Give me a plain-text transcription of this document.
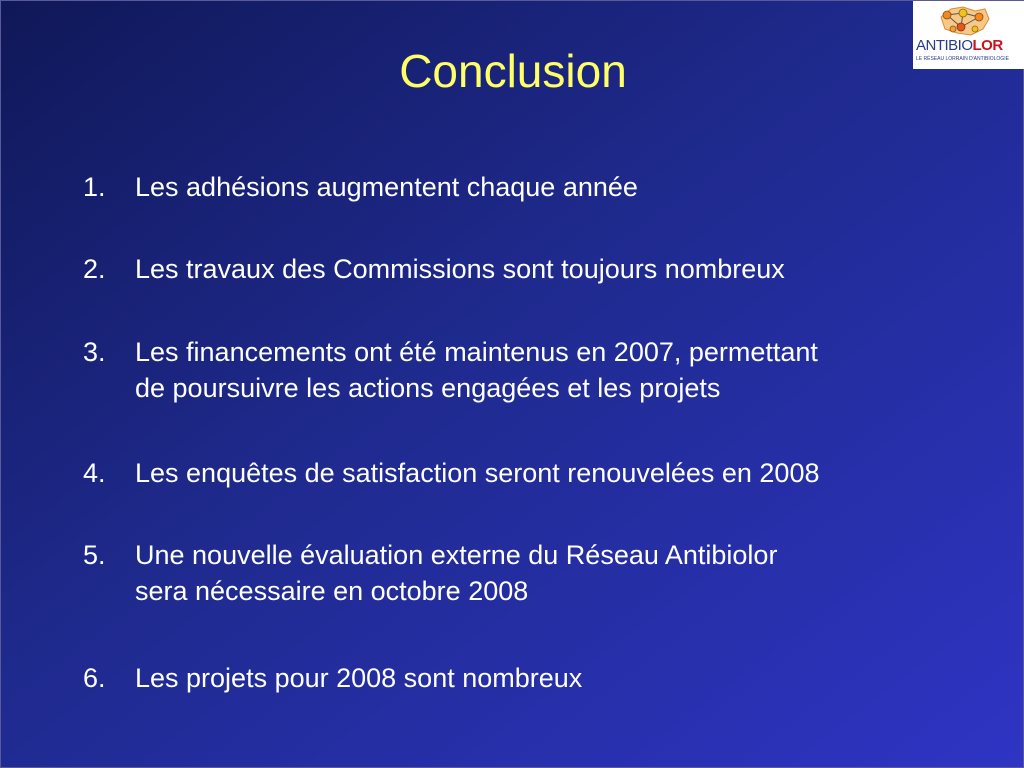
Conclusion	ANTIBIOLOR
LE RÉSEAU LORRAIN D'ANTIBIOLOGIE
1.	Les adhésions augmentent chaque année
2.	Les travaux des Commissions sont toujours nombreux
3.	Les financements ont été maintenus en 2007, permettant
de poursuivre les actions engagées et les projets
4.	Les enquêtes de satisfaction seront renouvelées en 2008
5.	Une nouvelle évaluation externe du Réseau Antibiolor
sera nécessaire en octobre 2008
6.	Les projets pour 2008 sont nombreux
